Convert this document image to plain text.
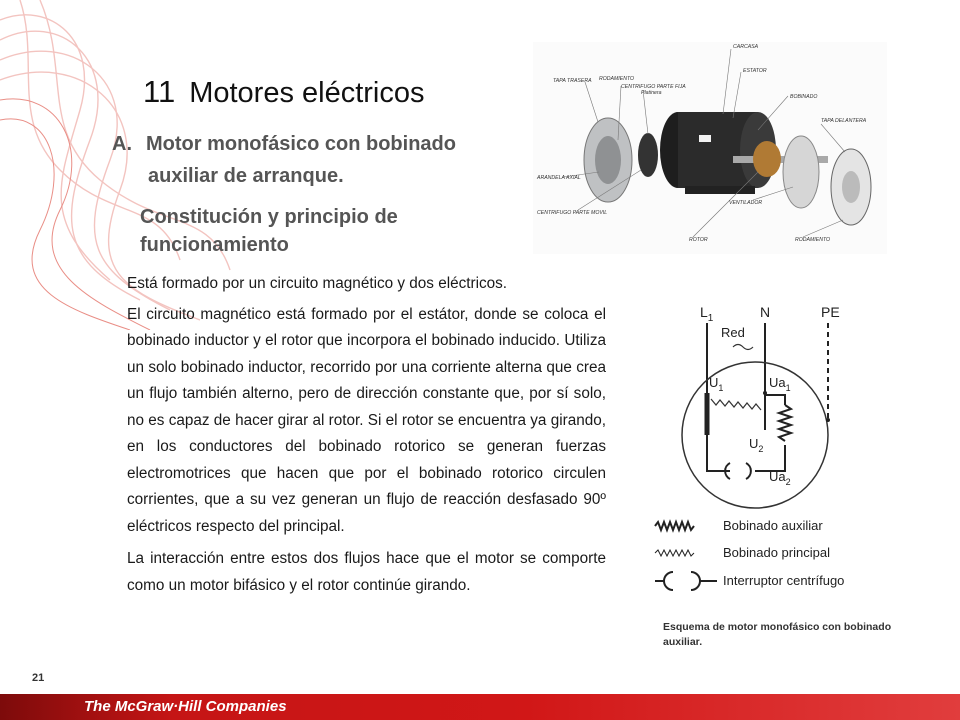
11 Motores eléctricos
A. Motor monofásico con bobinado
auxiliar de arranque.
Constitución y principio de funcionamiento

Está formado por un circuito magnético y dos eléctricos.

El circuito magnético está formado por el estátor, donde se coloca el bobinado inductor y el rotor que incorpora el bobinado inducido. Utiliza un solo bobinado inductor, recorrido por una corriente alterna que crea un flujo también alterno, pero de dirección constante que, por sí solo, no es capaz de hacer girar al rotor. Si el rotor se encuentra ya girando, en los conductores del bobinado rotorico se generan fuerzas electromotrices que hacen que por el bobinado rotorico circulen corrientes, que a su vez generan un flujo de reacción desfasado 90º eléctricos respecto del principal.

La interacción entre estos dos flujos hace que el motor se comporte como un motor bifásico y el rotor continúe girando.

CARCASA
ESTATOR
TAPA TRASERA RODAMIENTO
CENTRIFUGO PARTE FIJA
Platinera
BOBINADO
TAPA DELANTERA
ARANDELA AXIAL
CENTRIFUGO PARTE MOVIL
VENTILADOR
ROTOR	RODAMIENTO
$L_1$	N	PE
Red
$U_1$	$Ua_1$
$U_2$
$Ua_2$
Bobinado auxiliar
Bobinado principal
Interruptor centrífugo
Esquema de motor monofásico con bobinado auxiliar.
21
The McGraw·Hill Companies
